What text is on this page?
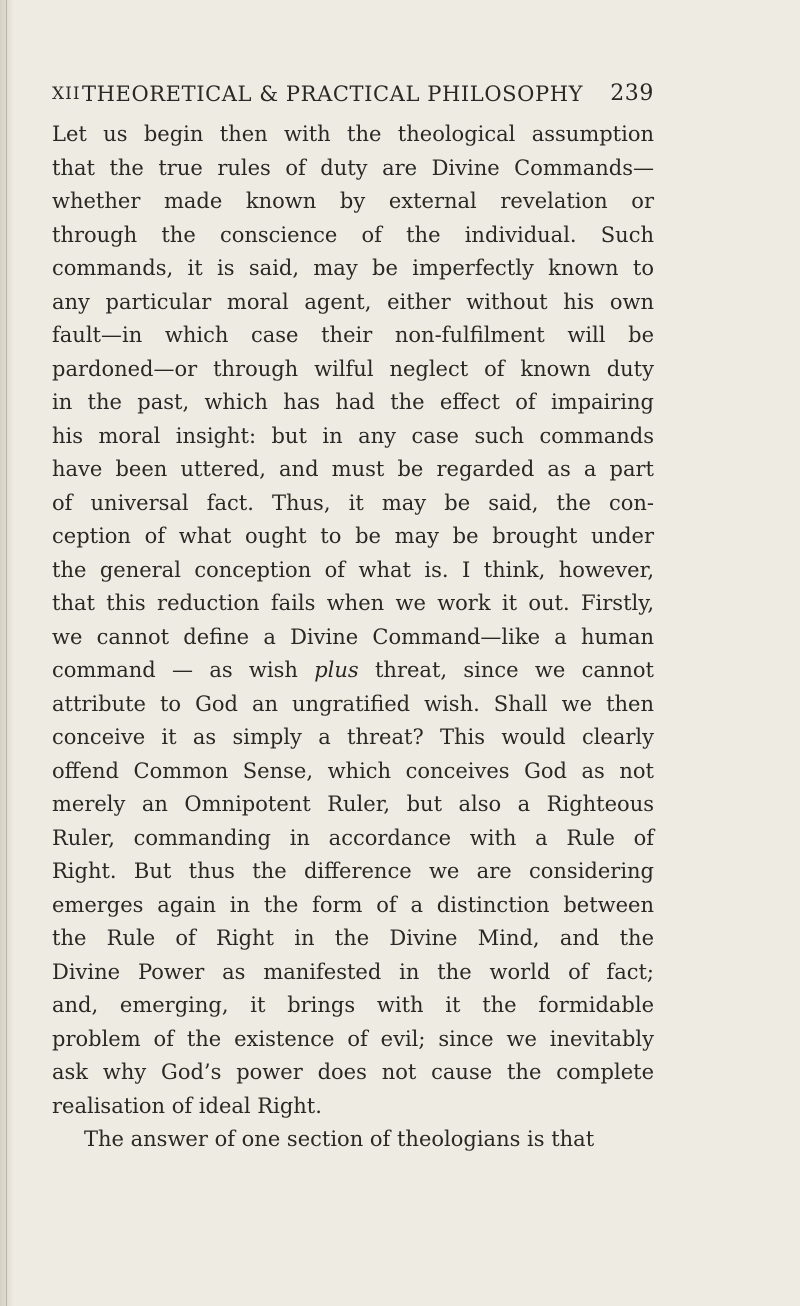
XII THEORETICAL & PRACTICAL PHILOSOPHY 239
Let us begin then with the theological assumption
that the true rules of duty are Divine Commands—
whether made known by external revelation or
through the conscience of the individual. Such
commands, it is said, may be imperfectly known to
any particular moral agent, either without his own
fault—in which case their non-fulfilment will be
pardoned—or through wilful neglect of known duty
in the past, which has had the effect of impairing
his moral insight: but in any case such commands
have been uttered, and must be regarded as a part
of universal fact. Thus, it may be said, the con-
ception of what ought to be may be brought under
the general conception of what is. I think, however,
that this reduction fails when we work it out. Firstly,
we cannot define a Divine Command—like a human
command — as wish plus threat, since we cannot
attribute to God an ungratified wish. Shall we then
conceive it as simply a threat? This would clearly
offend Common Sense, which conceives God as not
merely an Omnipotent Ruler, but also a Righteous
Ruler, commanding in accordance with a Rule of
Right. But thus the difference we are considering
emerges again in the form of a distinction between
the Rule of Right in the Divine Mind, and the
Divine Power as manifested in the world of fact;
and, emerging, it brings with it the formidable
problem of the existence of evil; since we inevitably
ask why God’s power does not cause the complete
realisation of ideal Right.
The answer of one section of theologians is that
